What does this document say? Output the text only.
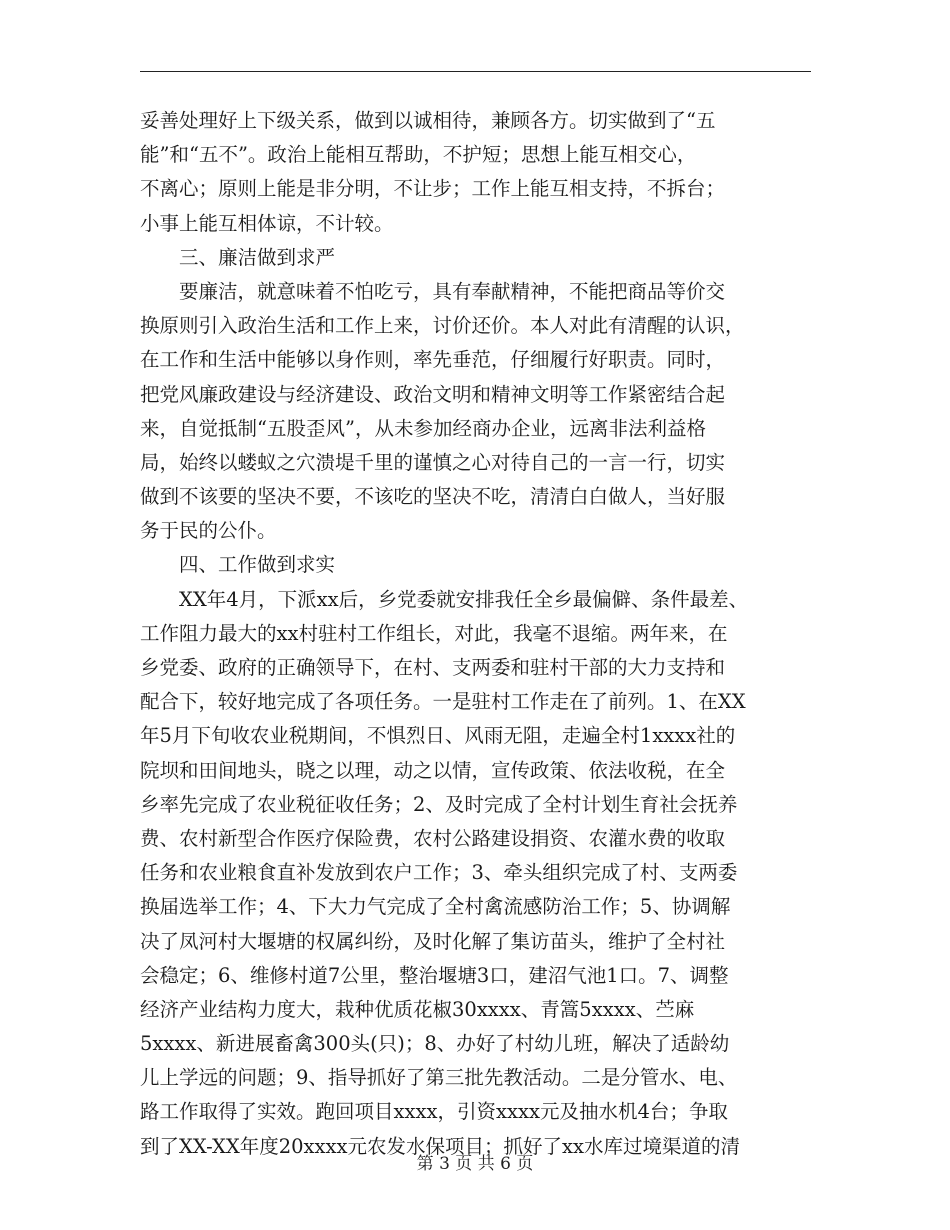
妥善处理好上下级关系，做到以诚相待，兼顾各方。切实做到了“五
能”和“五不”。政治上能相互帮助，不护短；思想上能互相交心，
不离心；原则上能是非分明，不让步；工作上能互相支持，不拆台；
小事上能互相体谅，不计较。
　　三、廉洁做到求严
　　要廉洁，就意味着不怕吃亏，具有奉献精神，不能把商品等价交
换原则引入政治生活和工作上来，讨价还价。本人对此有清醒的认识，
在工作和生活中能够以身作则，率先垂范，仔细履行好职责。同时，
把党风廉政建设与经济建设、政治文明和精神文明等工作紧密结合起
来，自觉抵制“五股歪风”，从未参加经商办企业，远离非法利益格
局，始终以蝼蚁之穴溃堤千里的谨慎之心对待自己的一言一行，切实
做到不该要的坚决不要，不该吃的坚决不吃，清清白白做人，当好服
务于民的公仆。
　　四、工作做到求实
　　XX年4月，下派xx后，乡党委就安排我任全乡最偏僻、条件最差、
工作阻力最大的xx村驻村工作组长，对此，我毫不退缩。两年来，在
乡党委、政府的正确领导下，在村、支两委和驻村干部的大力支持和
配合下，较好地完成了各项任务。一是驻村工作走在了前列。1、在XX
年5月下旬收农业税期间，不惧烈日、风雨无阻，走遍全村1xxxx社的
院坝和田间地头，晓之以理，动之以情，宣传政策、依法收税，在全
乡率先完成了农业税征收任务；2、及时完成了全村计划生育社会抚养
费、农村新型合作医疗保险费，农村公路建设捐资、农灌水费的收取
任务和农业粮食直补发放到农户工作；3、牵头组织完成了村、支两委
换届选举工作；4、下大力气完成了全村禽流感防治工作；5、协调解
决了凤河村大堰塘的权属纠纷，及时化解了集访苗头，维护了全村社
会稳定；6、维修村道7公里，整治堰塘3口，建沼气池1口。7、调整
经济产业结构力度大，栽种优质花椒30xxxx、青篙5xxxx、苎麻
5xxxx、新进展畜禽300头(只)；8、办好了村幼儿班，解决了适龄幼
儿上学远的问题；9、指导抓好了第三批先教活动。二是分管水、电、
路工作取得了实效。跑回项目xxxx，引资xxxx元及抽水机4台；争取
到了XX-XX年度20xxxx元农发水保项目；抓好了xx水库过境渠道的清
第 3 页 共 6 页
